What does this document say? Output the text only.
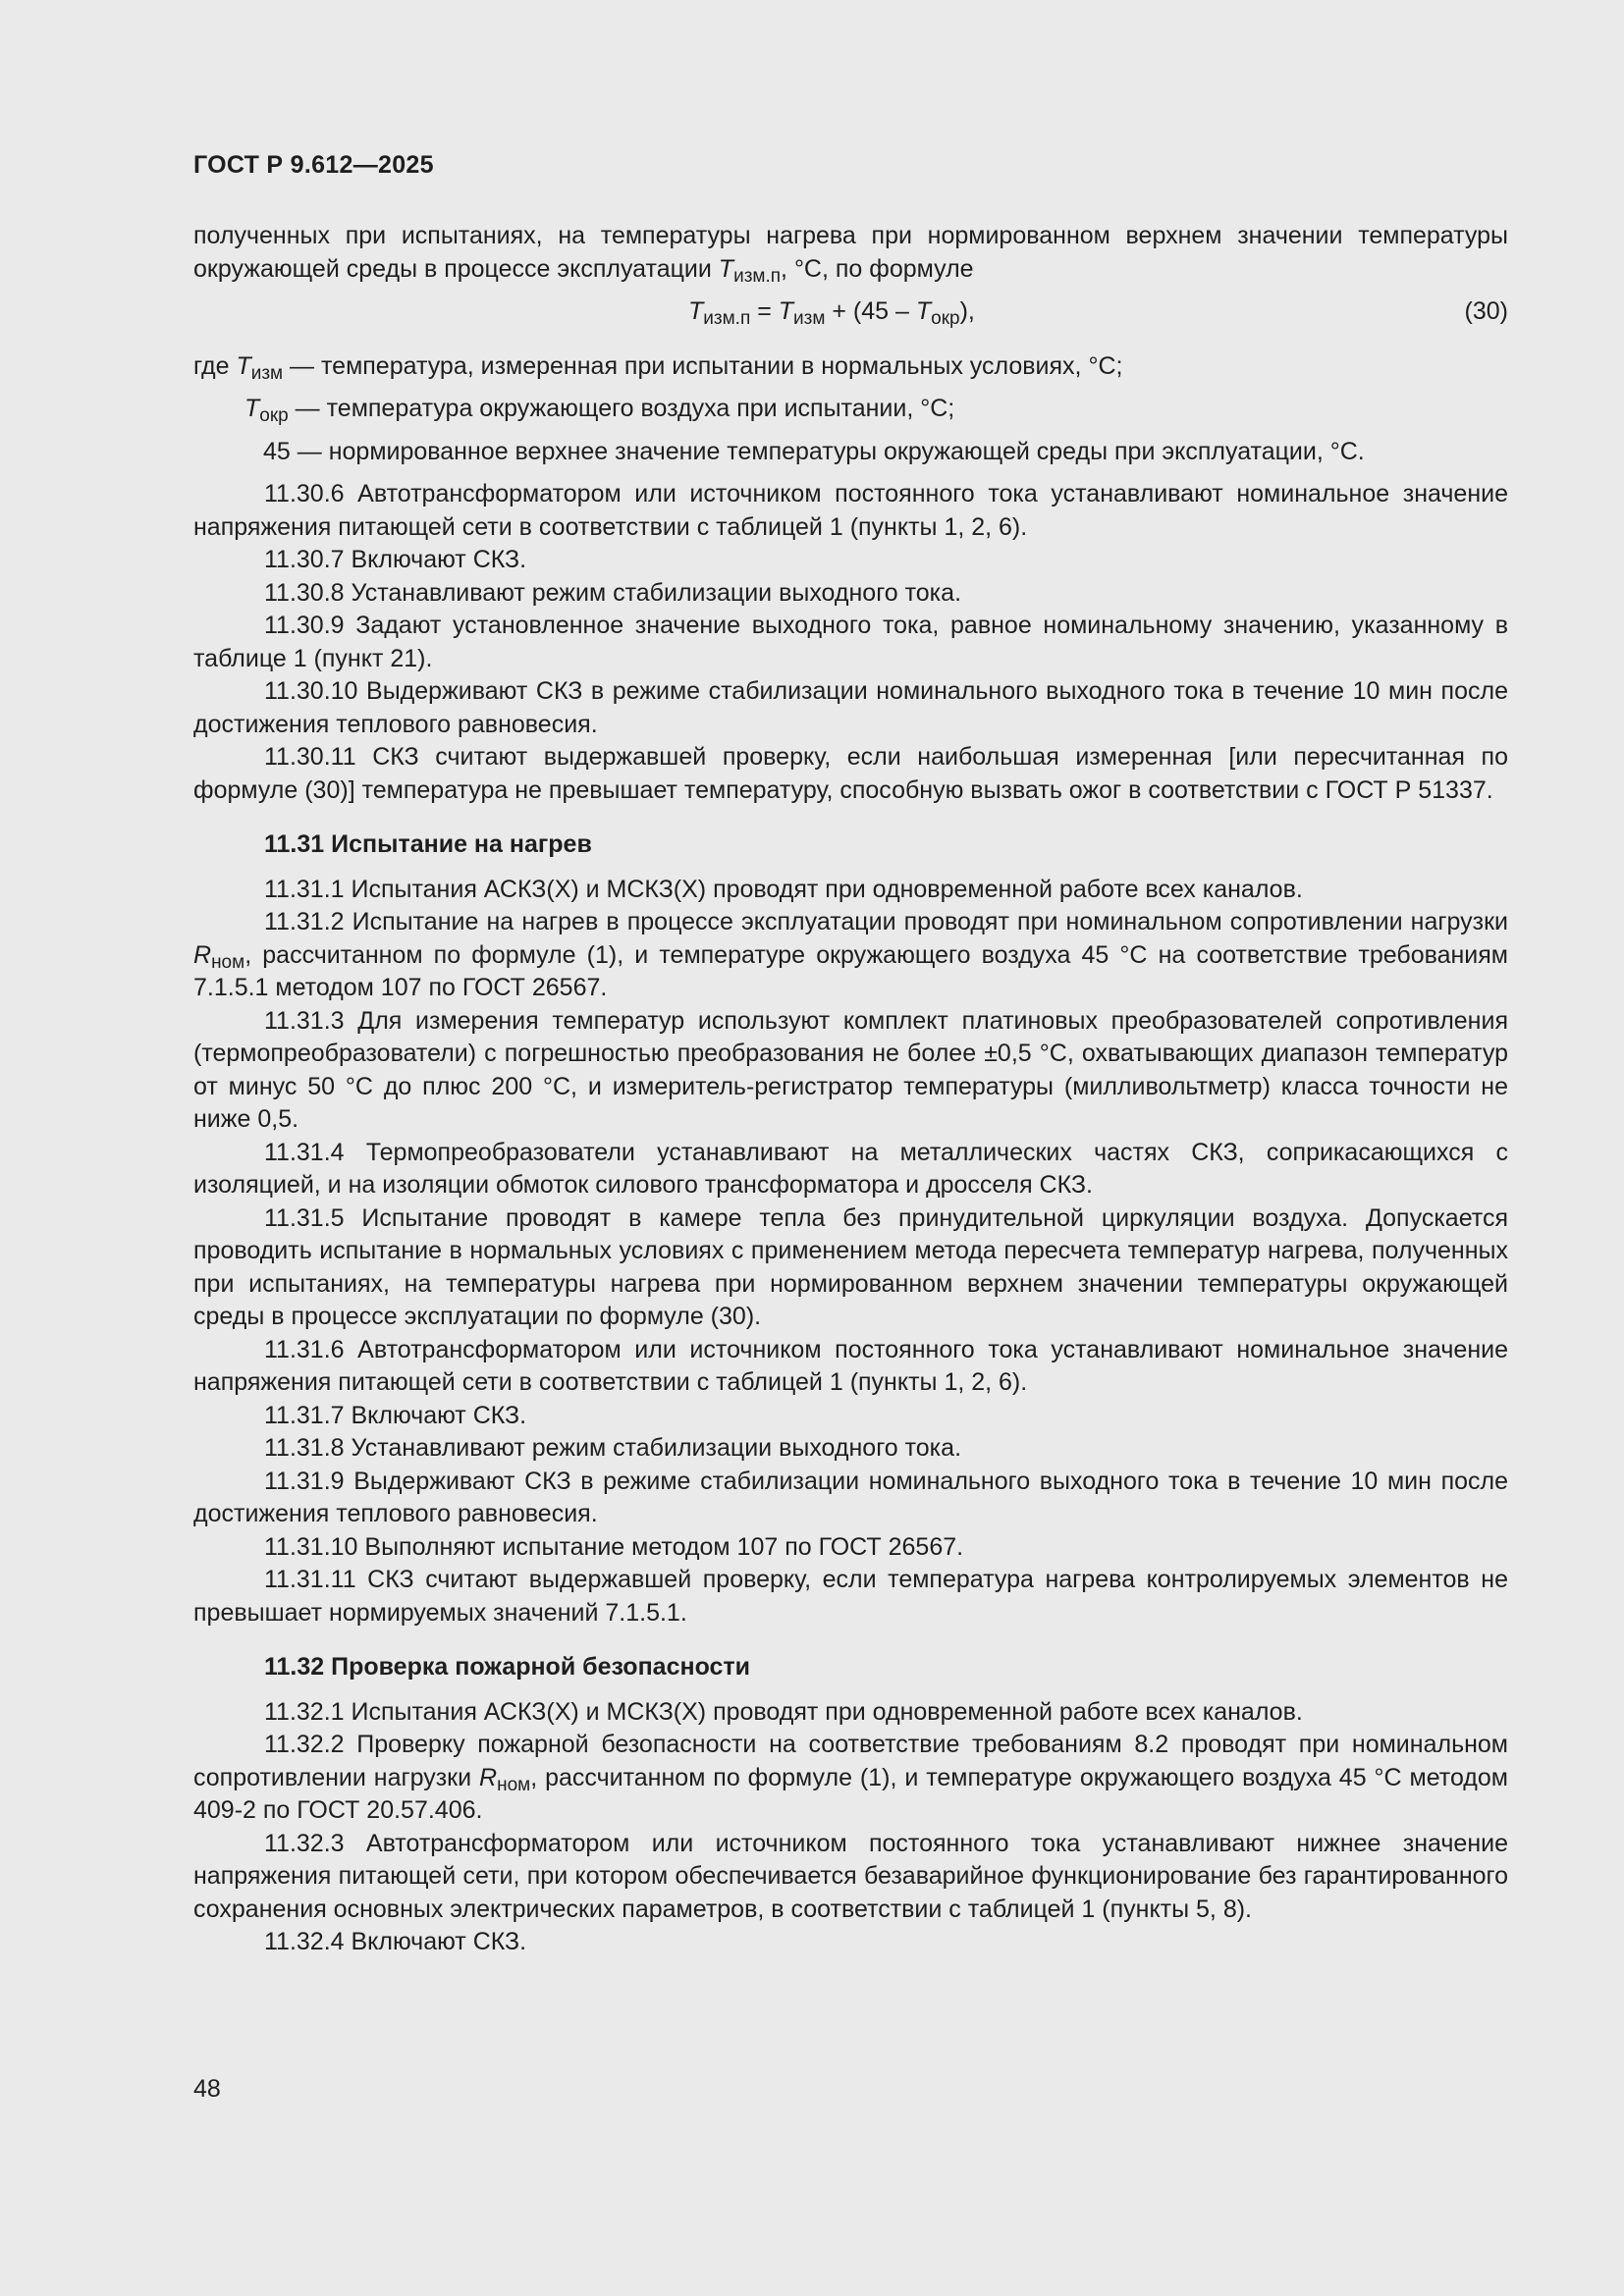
ГОСТ Р 9.612—2025

полученных при испытаниях, на температуры нагрева при нормированном верхнем значении температуры окружающей среды в процессе эксплуатации $T_{изм.п}$, °С, по формуле

$T_{изм.п} = T_{изм} + (45 - T_{окр})$,	(30)
где $T_{изм}$ — температура, измеренная при испытании в нормальных условиях, °С;
$T_{окр}$ — температура окружающего воздуха при испытании, °С;
45 — нормированное верхнее значение температуры окружающей среды при эксплуатации, °С.

11.30.6 Автотрансформатором или источником постоянного тока устанавливают номинальное значение напряжения питающей сети в соответствии с таблицей 1 (пункты 1, 2, 6).

11.30.7 Включают СКЗ.

11.30.8 Устанавливают режим стабилизации выходного тока.

11.30.9 Задают установленное значение выходного тока, равное номинальному значению, указанному в таблице 1 (пункт 21).

11.30.10 Выдерживают СКЗ в режиме стабилизации номинального выходного тока в течение 10 мин после достижения теплового равновесия.

11.30.11 СКЗ считают выдержавшей проверку, если наибольшая измеренная [или пересчитанная по формуле (30)] температура не превышает температуру, способную вызвать ожог в соответствии с ГОСТ Р 51337.

11.31 Испытание на нагрев

11.31.1 Испытания АСКЗ(Х) и МСКЗ(Х) проводят при одновременной работе всех каналов.

11.31.2 Испытание на нагрев в процессе эксплуатации проводят при номинальном сопротивлении нагрузки $R_{ном}$, рассчитанном по формуле (1), и температуре окружающего воздуха 45 °С на соответствие требованиям 7.1.5.1 методом 107 по ГОСТ 26567.

11.31.3 Для измерения температур используют комплект платиновых преобразователей сопротивления (термопреобразователи) с погрешностью преобразования не более ±0,5 °С, охватывающих диапазон температур от минус 50 °С до плюс 200 °С, и измеритель-регистратор температуры (милливольтметр) класса точности не ниже 0,5.

11.31.4 Термопреобразователи устанавливают на металлических частях СКЗ, соприкасающихся с изоляцией, и на изоляции обмоток силового трансформатора и дросселя СКЗ.

11.31.5 Испытание проводят в камере тепла без принудительной циркуляции воздуха. Допускается проводить испытание в нормальных условиях с применением метода пересчета температур нагрева, полученных при испытаниях, на температуры нагрева при нормированном верхнем значении температуры окружающей среды в процессе эксплуатации по формуле (30).

11.31.6 Автотрансформатором или источником постоянного тока устанавливают номинальное значение напряжения питающей сети в соответствии с таблицей 1 (пункты 1, 2, 6).

11.31.7 Включают СКЗ.

11.31.8 Устанавливают режим стабилизации выходного тока.

11.31.9 Выдерживают СКЗ в режиме стабилизации номинального выходного тока в течение 10 мин после достижения теплового равновесия.

11.31.10 Выполняют испытание методом 107 по ГОСТ 26567.

11.31.11 СКЗ считают выдержавшей проверку, если температура нагрева контролируемых элементов не превышает нормируемых значений 7.1.5.1.

11.32 Проверка пожарной безопасности

11.32.1 Испытания АСКЗ(Х) и МСКЗ(Х) проводят при одновременной работе всех каналов.

11.32.2 Проверку пожарной безопасности на соответствие требованиям 8.2 проводят при номинальном сопротивлении нагрузки $R_{ном}$, рассчитанном по формуле (1), и температуре окружающего воздуха 45 °С методом 409-2 по ГОСТ 20.57.406.

11.32.3 Автотрансформатором или источником постоянного тока устанавливают нижнее значение напряжения питающей сети, при котором обеспечивается безаварийное функционирование без гарантированного сохранения основных электрических параметров, в соответствии с таблицей 1 (пункты 5, 8).

11.32.4 Включают СКЗ.

48
